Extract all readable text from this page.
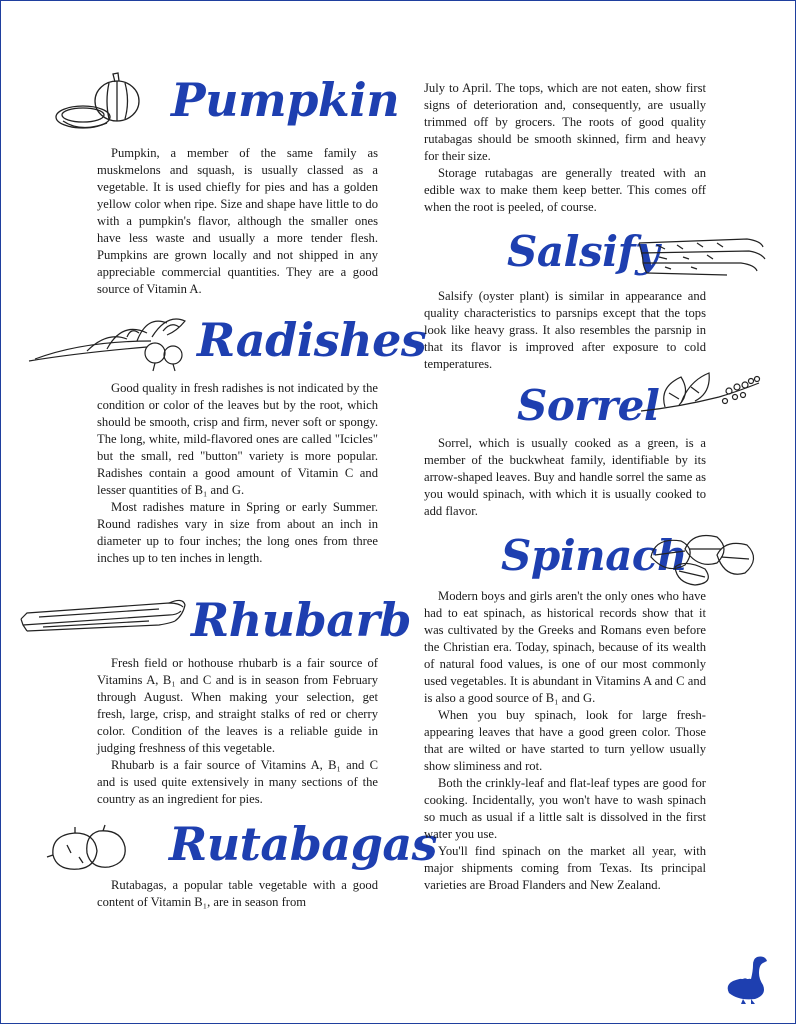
Pumpkin

Pumpkin, a member of the same family as muskmelons and squash, is usually classed as a vegetable. It is used chiefly for pies and has a golden yellow color when ripe. Size and shape have little to do with a pumpkin's flavor, although the smaller ones have less waste and usually a more tender flesh. Pumpkins are grown locally and not shipped in any appreciable commercial quantities. They are a good source of Vitamin A.

Radishes

Good quality in fresh radishes is not indicated by the condition or color of the leaves but by the root, which should be smooth, crisp and firm, never soft or spongy. The long, white, mild-flavored ones are called "Icicles" but the small, red "button" variety is more popular. Radishes contain a good amount of Vitamin C and lesser quantities of B₁ and G.

Most radishes mature in Spring or early Summer. Round radishes vary in size from about an inch in diameter up to four inches; the long ones from three inches up to ten inches in length.

Rhubarb

Fresh field or hothouse rhubarb is a fair source of Vitamins A, B₁ and C and is in season from February through August. When making your selection, get fresh, large, crisp, and straight stalks of red or cherry color. Condition of the leaves is a reliable guide in judging freshness of this vegetable.

Rhubarb is a fair source of Vitamins A, B₁ and C and is used quite extensively in many sections of the country as an ingredient for pies.

Rutabagas

Rutabagas, a popular table vegetable with a good content of Vitamin B₁, are in season from

July to April. The tops, which are not eaten, show first signs of deterioration and, consequently, are usually trimmed off by grocers. The roots of good quality rutabagas should be smooth skinned, firm and heavy for their size.

Storage rutabagas are generally treated with an edible wax to make them keep better. This comes off when the root is peeled, of course.

Salsify

Salsify (oyster plant) is similar in appearance and quality characteristics to parsnips except that the tops look like heavy grass. It also resembles the parsnip in that its flavor is improved after exposure to cold temperatures.

Sorrel

Sorrel, which is usually cooked as a green, is a member of the buckwheat family, identifiable by its arrow-shaped leaves. Buy and handle sorrel the same as you would spinach, with which it is usually cooked to add flavor.

Spinach

Modern boys and girls aren't the only ones who have had to eat spinach, as historical records show that it was cultivated by the Greeks and Romans even before the Christian era. Today, spinach, because of its wealth of natural food values, is one of our most commonly used vegetables. It is abundant in Vitamins A and C and is also a good source of B₁ and G.

When you buy spinach, look for large fresh-appearing leaves that have a good green color. Those that are wilted or have started to turn yellow usually show sliminess and rot.

Both the crinkly-leaf and flat-leaf types are good for cooking. Incidentally, you won't have to wash spinach so much as usual if a little salt is dissolved in the first water you use.

You'll find spinach on the market all year, with major shipments coming from Texas. Its principal varieties are Broad Flanders and New Zealand.

39
